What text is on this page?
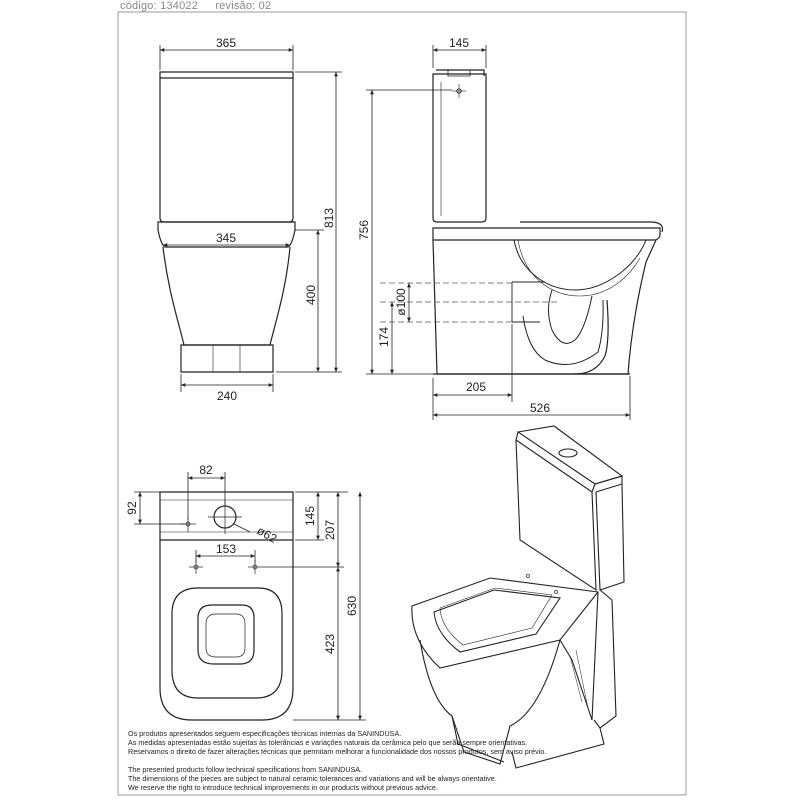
código: 134022 revisão: 02
365
345
240
813
400
145
756
ø100
174
205
526
82
92
ø62
153
145
207
630
423

Os produtos apresentados seguem especificações técnicas internas da SANINDUSA.

As medidas apresentadas estão sujeitas às tolerâncias e variações naturais da cerâmica pelo que serão sempre orientativas.

Reservamos o direito de fazer alterações técnicas que permitam melhorar a funcionalidade dos nossos produtos, sem aviso prévio.

The presented products follow technical specifications from SANINDUSA.

The dimensions of the pieces are subject to natural ceramic tolerances and variations and will be always orientative.

We reserve the right to introduce technical improvements in our products without previous advice.
